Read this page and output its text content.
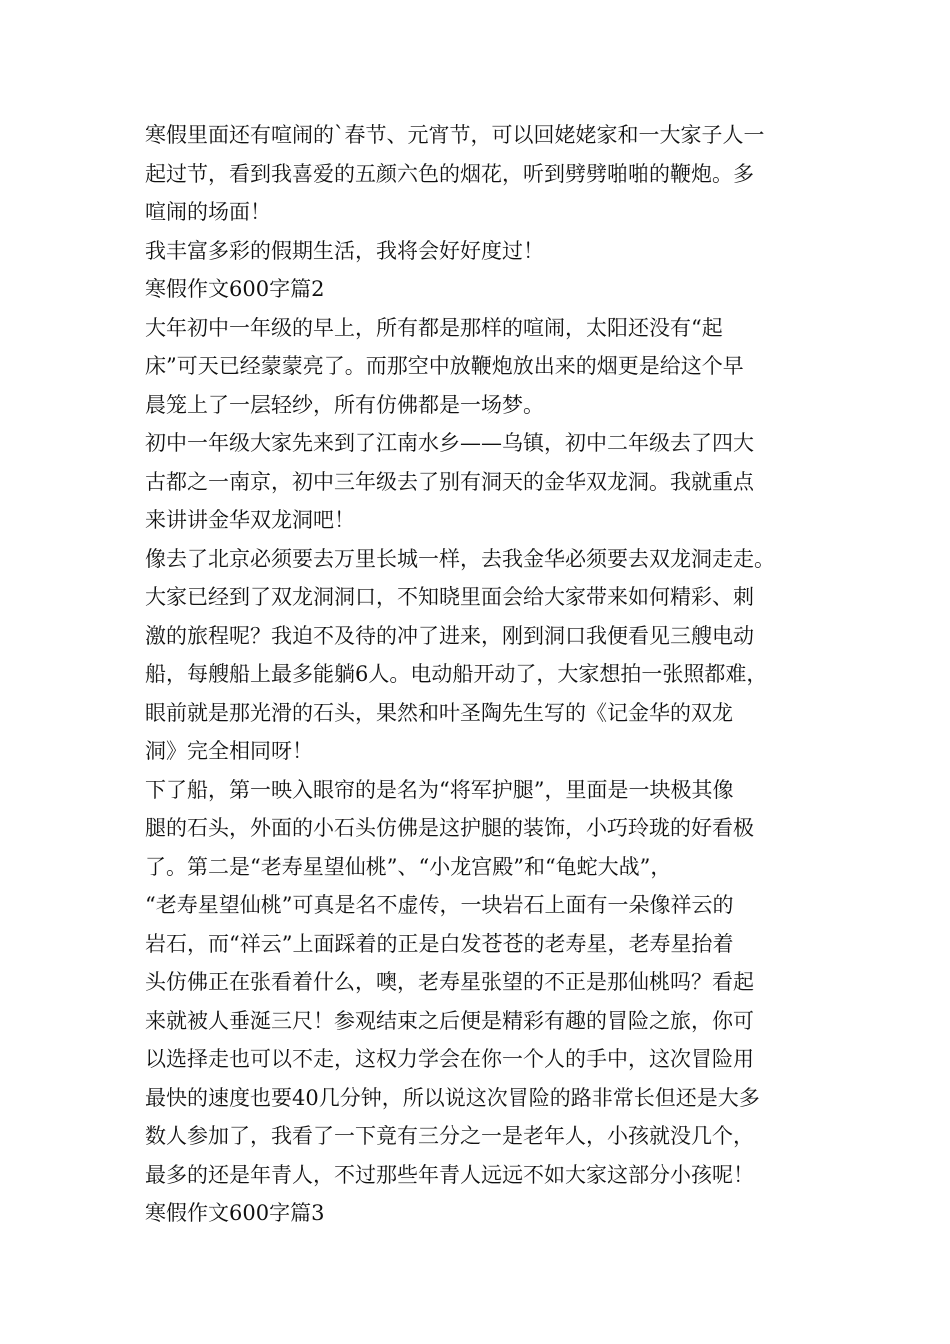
寒假里面还有喧闹的`春节、元宵节，可以回姥姥家和一大家子人一
起过节，看到我喜爱的五颜六色的烟花，听到劈劈啪啪的鞭炮。多
喧闹的场面！
我丰富多彩的假期生活，我将会好好度过！
寒假作文600字篇2
大年初中一年级的早上，所有都是那样的喧闹，太阳还没有“起
床”可天已经蒙蒙亮了。而那空中放鞭炮放出来的烟更是给这个早
晨笼上了一层轻纱，所有仿佛都是一场梦。
初中一年级大家先来到了江南水乡——乌镇，初中二年级去了四大
古都之一南京，初中三年级去了别有洞天的金华双龙洞。我就重点
来讲讲金华双龙洞吧！
像去了北京必须要去万里长城一样，去我金华必须要去双龙洞走走。
大家已经到了双龙洞洞口，不知晓里面会给大家带来如何精彩、刺
激的旅程呢？我迫不及待的冲了进来，刚到洞口我便看见三艘电动
船，每艘船上最多能躺6人。电动船开动了，大家想拍一张照都难，
眼前就是那光滑的石头，果然和叶圣陶先生写的《记金华的双龙
洞》完全相同呀！
下了船，第一映入眼帘的是名为“将军护腿”，里面是一块极其像
腿的石头，外面的小石头仿佛是这护腿的装饰，小巧玲珑的好看极
了。第二是“老寿星望仙桃”、“小龙宫殿”和“龟蛇大战”，
“老寿星望仙桃”可真是名不虚传，一块岩石上面有一朵像祥云的
岩石，而“祥云”上面踩着的正是白发苍苍的老寿星，老寿星抬着
头仿佛正在张看着什么，噢，老寿星张望的不正是那仙桃吗？看起
来就被人垂涎三尺！参观结束之后便是精彩有趣的冒险之旅，你可
以选择走也可以不走，这权力学会在你一个人的手中，这次冒险用
最快的速度也要40几分钟，所以说这次冒险的路非常长但还是大多
数人参加了，我看了一下竟有三分之一是老年人，小孩就没几个，
最多的还是年青人，不过那些年青人远远不如大家这部分小孩呢！
寒假作文600字篇3
